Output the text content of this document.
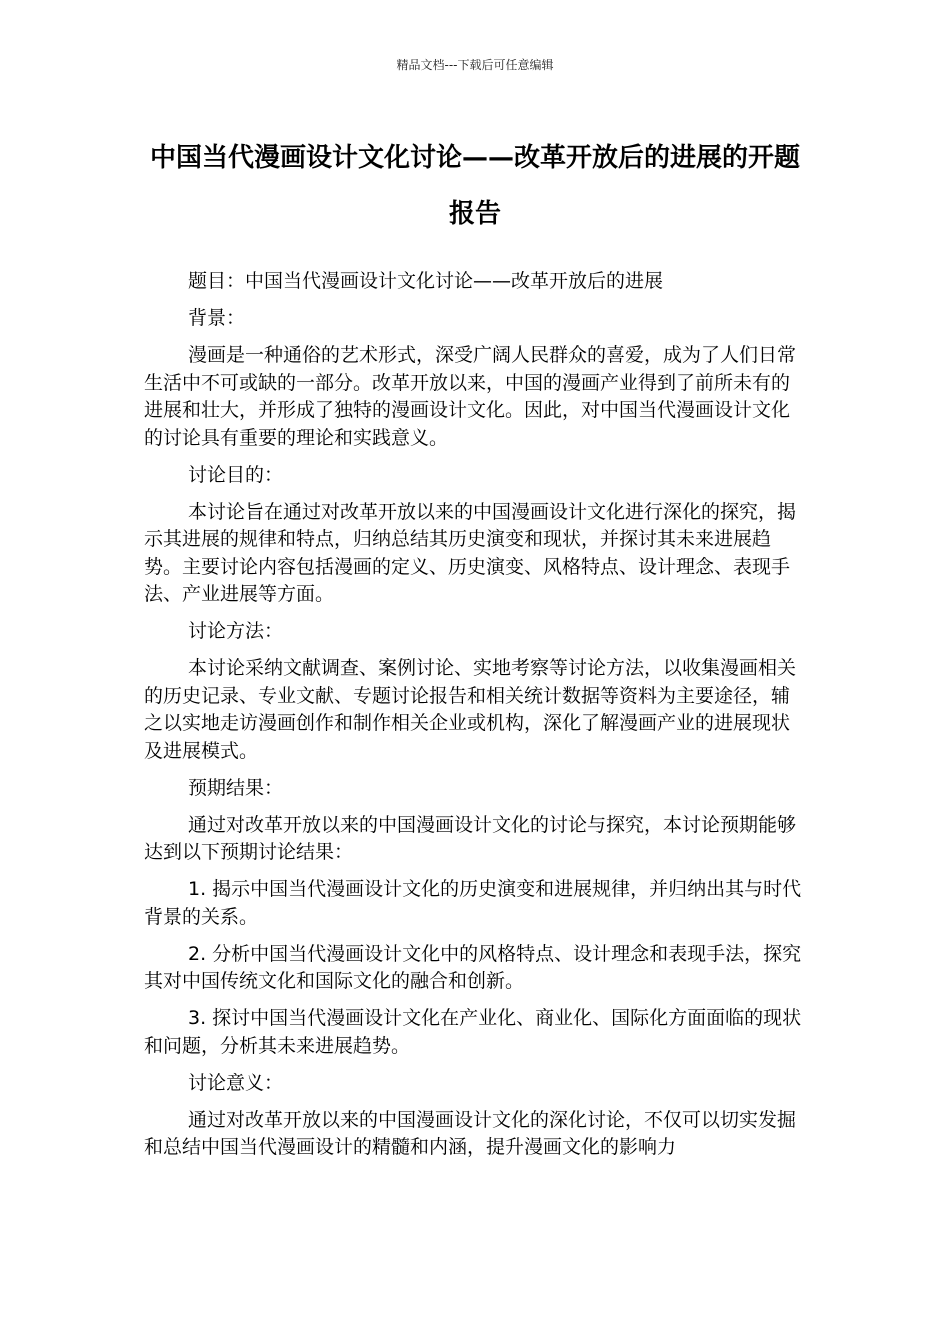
精品文档---下载后可任意编辑
中国当代漫画设计文化讨论——改革开放后的进展的开题报告

题目：中国当代漫画设计文化讨论——改革开放后的进展

背景：

漫画是一种通俗的艺术形式，深受广阔人民群众的喜爱，成为了人们日常生活中不可或缺的一部分。改革开放以来，中国的漫画产业得到了前所未有的进展和壮大，并形成了独特的漫画设计文化。因此，对中国当代漫画设计文化的讨论具有重要的理论和实践意义。

讨论目的：

本讨论旨在通过对改革开放以来的中国漫画设计文化进行深化的探究，揭示其进展的规律和特点，归纳总结其历史演变和现状，并探讨其未来进展趋势。主要讨论内容包括漫画的定义、历史演变、风格特点、设计理念、表现手法、产业进展等方面。

讨论方法：

本讨论采纳文献调查、案例讨论、实地考察等讨论方法，以收集漫画相关的历史记录、专业文献、专题讨论报告和相关统计数据等资料为主要途径，辅之以实地走访漫画创作和制作相关企业或机构，深化了解漫画产业的进展现状及进展模式。

预期结果：

通过对改革开放以来的中国漫画设计文化的讨论与探究，本讨论预期能够达到以下预期讨论结果：

1. 揭示中国当代漫画设计文化的历史演变和进展规律，并归纳出其与时代背景的关系。

2. 分析中国当代漫画设计文化中的风格特点、设计理念和表现手法，探究其对中国传统文化和国际文化的融合和创新。

3. 探讨中国当代漫画设计文化在产业化、商业化、国际化方面面临的现状和问题，分析其未来进展趋势。

讨论意义：

通过对改革开放以来的中国漫画设计文化的深化讨论，不仅可以切实发掘和总结中国当代漫画设计的精髓和内涵，提升漫画文化的影响力
